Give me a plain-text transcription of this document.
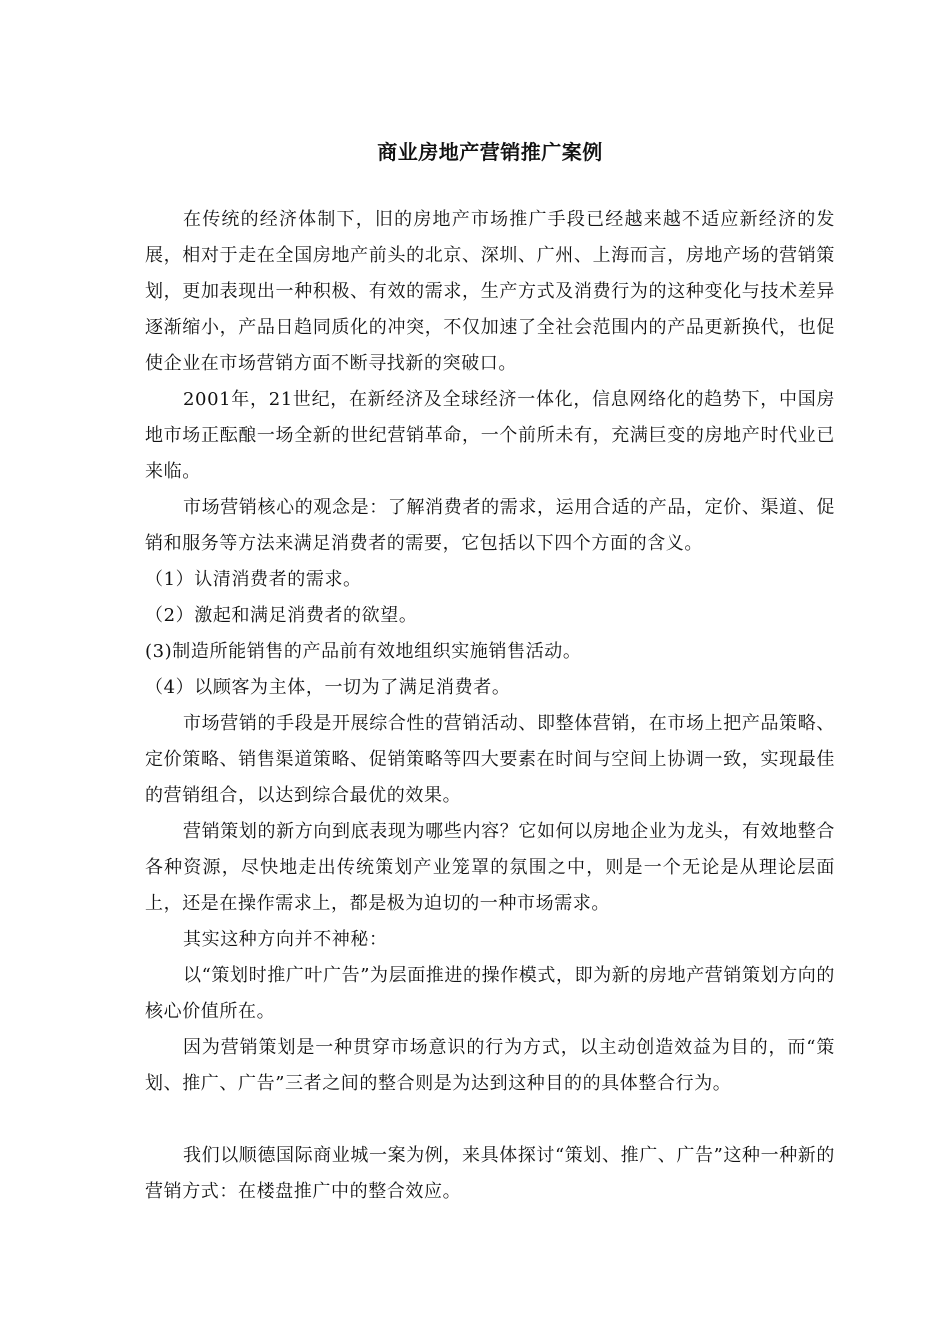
商业房地产营销推广案例

在传统的经济体制下，旧的房地产市场推广手段已经越来越不适应新经济的发展，相对于走在全国房地产前头的北京、深圳、广州、上海而言，房地产场的营销策划，更加表现出一种积极、有效的需求，生产方式及消费行为的这种变化与技术差异逐渐缩小，产品日趋同质化的冲突，不仅加速了全社会范围内的产品更新换代，也促使企业在市场营销方面不断寻找新的突破口。

2001年，21世纪，在新经济及全球经济一体化，信息网络化的趋势下，中国房地市场正酝酿一场全新的世纪营销革命，一个前所未有，充满巨变的房地产时代业已来临。

市场营销核心的观念是：了解消费者的需求，运用合适的产品，定价、渠道、促销和服务等方法来满足消费者的需要，它包括以下四个方面的含义。

（1）认清消费者的需求。

（2）激起和满足消费者的欲望。

(3)制造所能销售的产品前有效地组织实施销售活动。

（4）以顾客为主体，一切为了满足消费者。

市场营销的手段是开展综合性的营销活动、即整体营销，在市场上把产品策略、定价策略、销售渠道策略、促销策略等四大要素在时间与空间上协调一致，实现最佳的营销组合，以达到综合最优的效果。

营销策划的新方向到底表现为哪些内容？它如何以房地企业为龙头，有效地整合各种资源，尽快地走出传统策划产业笼罩的氛围之中，则是一个无论是从理论层面上，还是在操作需求上，都是极为迫切的一种市场需求。

其实这种方向并不神秘：

以“策划时推广叶广告”为层面推进的操作模式，即为新的房地产营销策划方向的核心价值所在。

因为营销策划是一种贯穿市场意识的行为方式，以主动创造效益为目的，而“策划、推广、广告”三者之间的整合则是为达到这种目的的具体整合行为。

我们以顺德国际商业城一案为例，来具体探讨“策划、推广、广告”这种一种新的营销方式：在楼盘推广中的整合效应。
